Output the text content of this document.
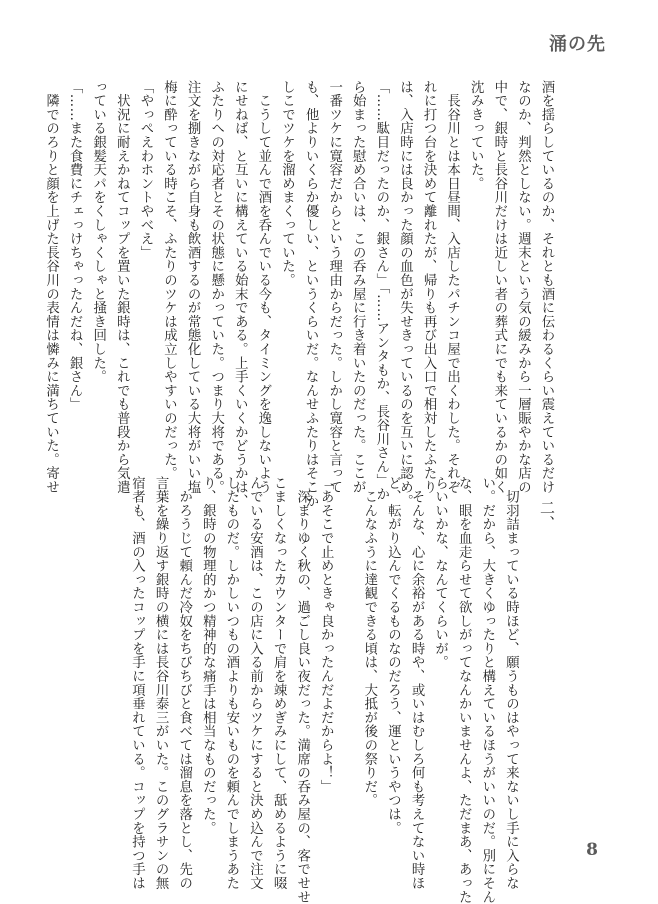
涌の先
酒を揺らしているのか、それとも酒に伝わるくらい震えているだけ
なのか、判然としない。週末という気の緩みから一層賑やかな店の
中で、銀時と長谷川だけは近しい者の葬式にでも来ているかの如く
沈みきっていた。
　長谷川とは本日昼間、入店したパチンコ屋で出くわした。それぞ
れに打つ台を決めて離れたが、帰りも再び出入口で相対したふたり
は、入店時には良かった顔の血色が失せきっているのを互いに認め。
「……駄目だったのか、銀さん」「……アンタもか、長谷川さん」か
ら始まった慰め合いは、この呑み屋に行き着いたのだった。ここが
一番ツケに寛容だからという理由からだった。しかし寛容と言って
も、他よりいくらか優しい、というくらいだ。なんせふたりはそこか
しこでツケを溜めまくっていた。
　こうして並んで酒を呑んでいる今も、タイミングを逸しないよう
にせねば、と互いに構えている始末である。上手くいくかどうかは、
ふたりへの対応者とその状態に懸かっていた。つまり大将である。
注文を捌きながら自身も飲酒するのが常態化している大将がいい塩
梅に酔っている時こそ、ふたりのツケは成立しやすいのだった。
「やっぺえわホントやべえ」
　状況に耐えかねてコップを置いた銀時は、これでも普段から気遣
っている銀髪天パをくしゃくしゃと掻き回した。
「……また食費にチェっけちゃったんだね、銀さん」
　隣でのろりと顔を上げた長谷川の表情は憐みに満ちていた。寄せ
二、
　切羽詰まっている時ほど、願うものはやって来ないし手に入らな
い。だから、大きくゆったりと構えているほうがいいのだ。別にそん
な、眼を血走らせて欲しがってなんかいませんよ、ただまあ、あった
らいいかな、なんてくらいが。
　そんな、心に余裕がある時や、或いはむしろ何も考えてない時ほ
ど、転がり込んでくるものなのだろう、運というやつは。
　こんなふうに達観できる頃は、大抵が後の祭りだ。
「あそこで止めときゃ良かったんだよだからよ！」
　深まりゆく秋の、過ごし良い夜だった。満席の呑み屋の、客でせせ
こましくなったカウンターで肩を竦めぎみにして、舐めるように啜
んでいる安酒は、この店に入る前からツケにすると決め込んで注文
したものだ。しかしいつもの酒よりも安いものを頼んでしまうあた
り、銀時の物理的かつ精神的な痛手は相当なものだった。
　かろうじて頼んだ冷奴をちびちびと食べては溜息を落とし、先の
言葉を繰り返す銀時の横には長谷川泰三がいた。このグラサンの無
宿者も、酒の入ったコップを手に項垂れている。コップを持つ手は	8
